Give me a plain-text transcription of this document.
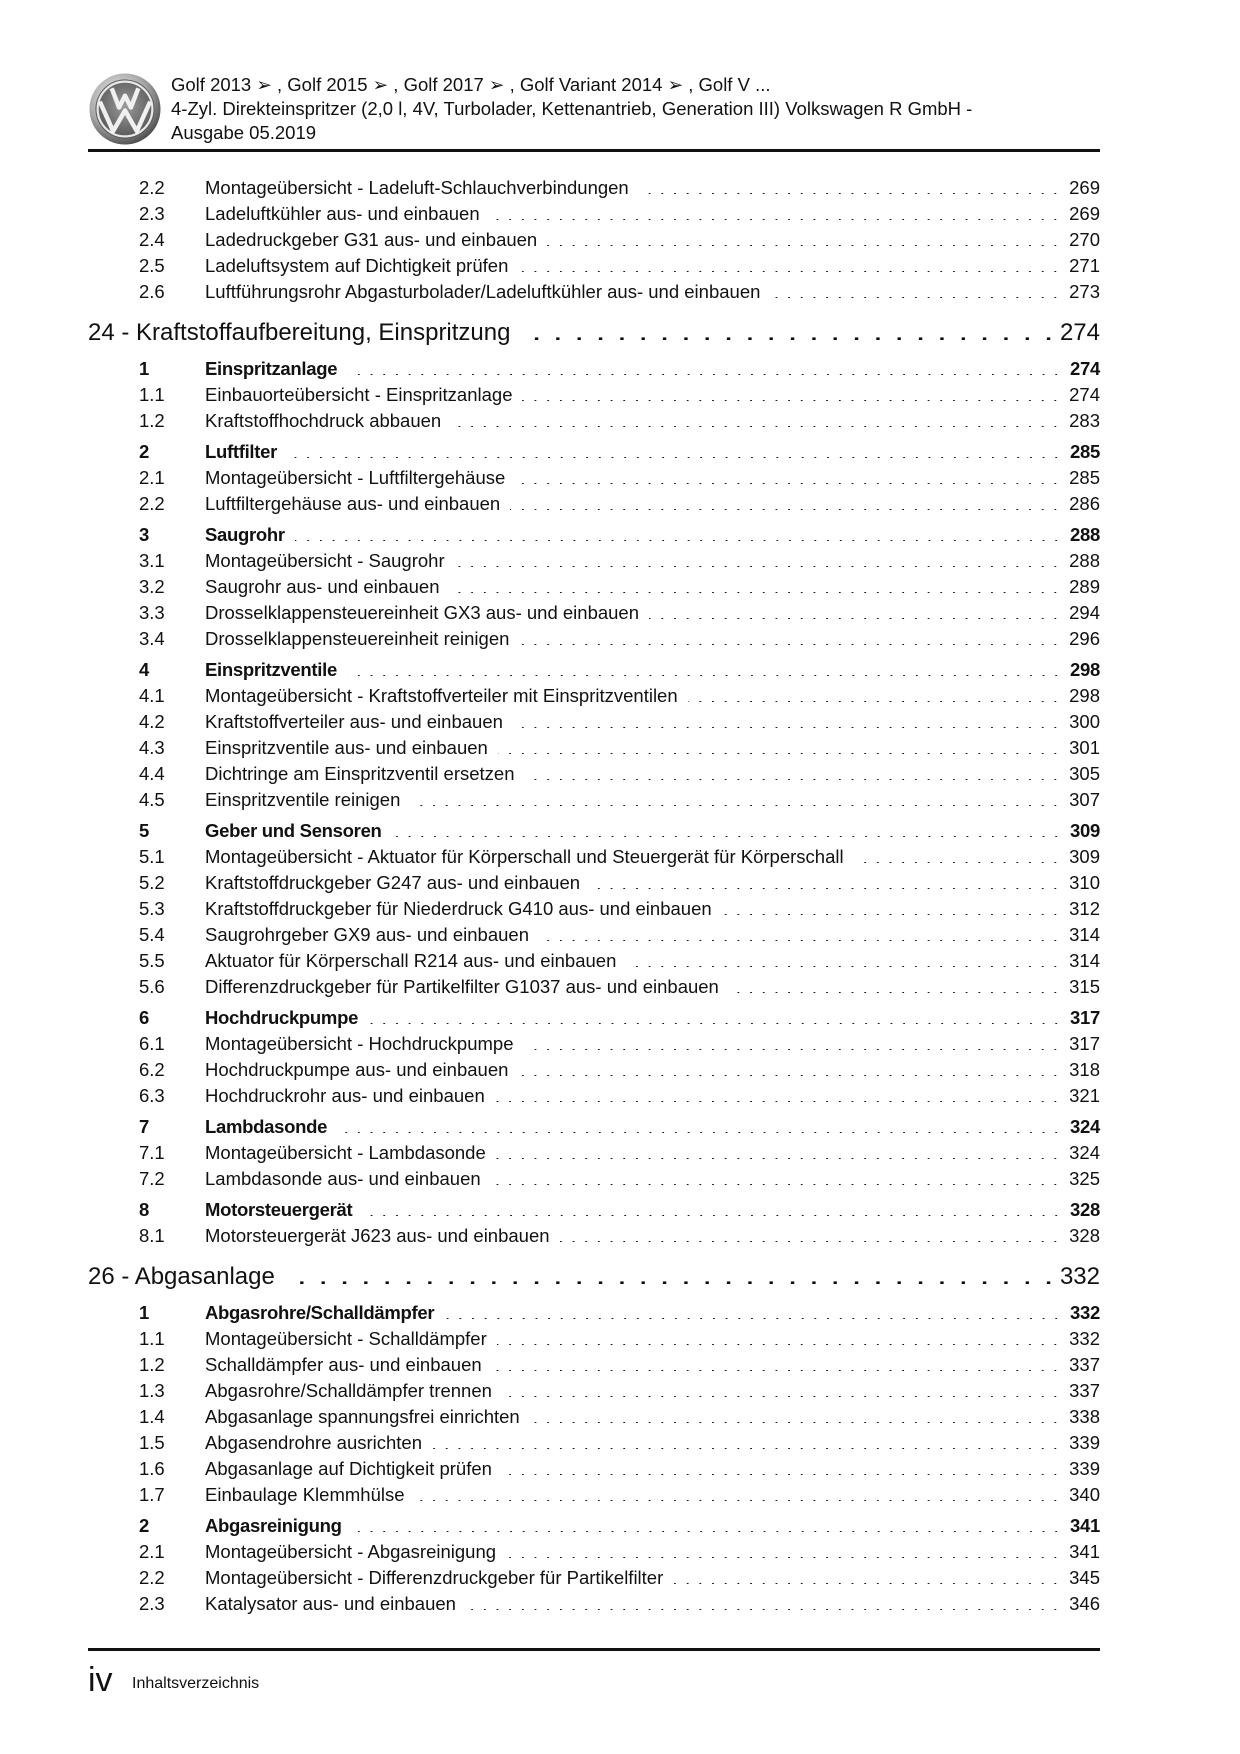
Golf 2013 ➢ , Golf 2015 ➢ , Golf 2017 ➢ , Golf Variant 2014 ➢ , Golf V ...
4-Zyl. Direkteinspritzer (2,0 l, 4V, Turbolader, Kettenantrieb, Generation III) Volkswagen R GmbH -
Ausgabe 05.2019
2.2	Montageübersicht - Ladeluft-Schlauchverbindungen . . .	269
2.3	Ladeluftkühler aus- und einbauen . . .	269
2.4	Ladedruckgeber G31 aus- und einbauen . . .	270
2.5	Ladeluftsystem auf Dichtigkeit prüfen . . .	271
2.6	Luftführungsrohr Abgasturbolader/Ladeluftkühler aus- und einbauen . . .	273
24 - Kraftstoffaufbereitung, Einspritzung . . .	274
1	Einspritzanlage . . .	274
1.1	Einbauorteübersicht - Einspritzanlage . . .	274
1.2	Kraftstoffhochdruck abbauen . . .	283
2	Luftfilter . . .	285
2.1	Montageübersicht - Luftfiltergehäuse . . .	285
2.2	Luftfiltergehäuse aus- und einbauen . . .	286
3	Saugrohr . . .	288
3.1	Montageübersicht - Saugrohr . . .	288
3.2	Saugrohr aus- und einbauen . . .	289
3.3	Drosselklappensteuereinheit GX3 aus- und einbauen . . .	294
3.4	Drosselklappensteuereinheit reinigen . . .	296
4	Einspritzventile . . .	298
4.1	Montageübersicht - Kraftstoffverteiler mit Einspritzventilen . . .	298
4.2	Kraftstoffverteiler aus- und einbauen . . .	300
4.3	Einspritzventile aus- und einbauen . . .	301
4.4	Dichtringe am Einspritzventil ersetzen . . .	305
4.5	Einspritzventile reinigen . . .	307
5	Geber und Sensoren . . .	309
5.1	Montageübersicht - Aktuator für Körperschall und Steuergerät für Körperschall . . .	309
5.2	Kraftstoffdruckgeber G247 aus- und einbauen . . .	310
5.3	Kraftstoffdruckgeber für Niederdruck G410 aus- und einbauen . . .	312
5.4	Saugrohrgeber GX9 aus- und einbauen . . .	314
5.5	Aktuator für Körperschall R214 aus- und einbauen . . .	314
5.6	Differenzdruckgeber für Partikelfilter G1037 aus- und einbauen . . .	315
6	Hochdruckpumpe . . .	317
6.1	Montageübersicht - Hochdruckpumpe . . .	317
6.2	Hochdruckpumpe aus- und einbauen . . .	318
6.3	Hochdruckrohr aus- und einbauen . . .	321
7	Lambdasonde . . .	324
7.1	Montageübersicht - Lambdasonde . . .	324
7.2	Lambdasonde aus- und einbauen . . .	325
8	Motorsteuergerät . . .	328
8.1	Motorsteuergerät J623 aus- und einbauen . . .	328
26 - Abgasanlage . . .	332
1	Abgasrohre/Schalldämpfer . . .	332
1.1	Montageübersicht - Schalldämpfer . . .	332
1.2	Schalldämpfer aus- und einbauen . . .	337
1.3	Abgasrohre/Schalldämpfer trennen . . .	337
1.4	Abgasanlage spannungsfrei einrichten . . .	338
1.5	Abgasendrohre ausrichten . . .	339
1.6	Abgasanlage auf Dichtigkeit prüfen . . .	339
1.7	Einbaulage Klemmhülse . . .	340
2	Abgasreinigung . . .	341
2.1	Montageübersicht - Abgasreinigung . . .	341
2.2	Montageübersicht - Differenzdruckgeber für Partikelfilter . . .	345
2.3	Katalysator aus- und einbauen . . .	346
iv Inhaltsverzeichnis
